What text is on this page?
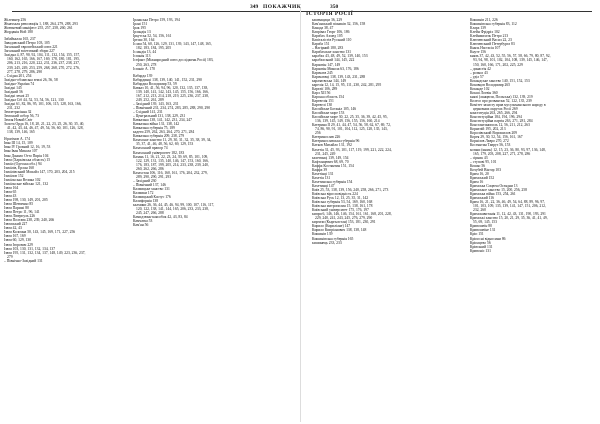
349 ПОКАЖЧИК	350
ІСТОРІЯ РОСІЇ
Жілемнер 256
Жмачхаля революціїя 1, 188, 264, 279, 288, 293
Жовтневий маніфест 255, 257, 258, 260, 261
Жорданія Ной 180
Забайкалля 165, 237
Завадовський Петро 103, 105
Загальний європейський союз 221
Загальний всіетичний збори 227
Західна 4, 87, 90, 92, 104, 111, 132, 154, 155, 157, 160, 162, 165, 166, 167, 169, 178, 180, 181, 195, 206, 213, 216, 220, 222, 231, 236, 237, 238, 237, 239, 245, 249, 253, 259, 268, 268, 270, 272, 276, 277, 278, 279, 286, 290
– Східна 201, 254
Західно-облавська землі 26, 56, 58
Західно-Україна 74
Західні 145
Західний 56
Західні землі 25
Західна Сіб 44, 52, 53, 54, 56, 121, 130
Західні 61, 82, 86, 95, 101, 106, 115, 128, 163, 166, 231, 232
Землетрясіння 32
Земський собор 56, 73
Земля Новий Світ
Золота Орда 16, 18, 20, 21, 22, 23, 25, 26, 30, 35, 40, 41, 42, 43, 44, 46, 47, 49, 54, 56, 60, 101, 126, 128, 138, 139, 146, 165
Ібрагімов А. 174
Іван ІІІ 14, 15, 109
Іван IV Грозний 12, 16, 19, 53
Іван Іван Микола 107
Іван Данило Отто Пирія 104
Ізюм (Харківська область) 15
Ізмаїл (Одеська обл.) 94
Ізмаїлів, Ерлан 160
Ізмаїлівський Михайл 147, 170, 203, 204, 215
Ізмаїлов 152
Ізмаїльська Велика 102
Ізмаїльське військо 121, 132
Ізюм 164
Ізюм 65
Ізюм 43
Ізюм 198, 130, 149, 201, 205
Ізюм Шевченко 85
Ізюм Парижі 80
Ізюм Петро 11, 96, 141
Ізюм Ліверпуль 226
Ізюм Полтава 238, 239, 240, 266
Ізюмський 227
Ізюм 42, 43
Ізюм Коломна 50, 143, 145, 169, 171, 227, 256
Ізюм 167, 169
Ізюм 60, 129, 130
Ізюм Ігорович 229
Ізюм 103, 130, 131, 132, 134, 137
Ізюм 195, 131, 132, 134, 137, 148, 149, 223, 236, 237, 279
– Північно-Західний 131
Іраньська Петро 159, 193, 194
Ірані 151
Ірак 195
Ірландія 13
Іркутськ 52, 54, 156, 161
Іртиш 30, 164
Іслам 54, 60, 126, 129, 131, 139, 143, 147, 148, 165, 182, 183, 184, 195, 205
Ісландія 13, 44
Іспанія 113
Істфакт (Міжнародний союз досліджень Росії) 183, 250, 263, 278
Іспаніє А. 170
Кабарда 139
Кабардинці 138, 139, 140, 141, 152, 231, 290
Кабардиа Володимир 53, 59
Кавказ 10, 41, 56, 94, 96, 120, 132, 135, 137, 138, 139, 140, 141, 142, 143, 145, 155, 156, 166, 166, 167, 212, 213, 214, 218, 219, 225, 236, 237, 238, 249, 252, 261, 289
– Західний 139, 143, 163, 231
– Північний 231, 234, 274, 283, 285, 288, 290, 290
– Східний 141, 231
– Центральний 131, 138, 229, 231
Кавказька 138, 141, 142, 231, 234, 247
Кавказька війна 131, 138, 142
Кавказька губернія 75, 189
кадети 259, 262, 263, 264, 270, 271, 284
Кавказька губернія 209, 238, 279
Казахське ханство 11, 29, 30, 31, 32, 35, 38, 39, 34, 35, 37, 41, 46, 48, 56, 62, 69, 129, 153
Казахський прапор 74
Казахський університет 182, 183
Казань 11, 16, 21, 22, 23, 24, 39, 69, 85, 101, 109, 122, 129, 131, 135, 140, 146, 147, 153, 160, 166, 176, 183, 187, 199, 205, 214, 233, 238, 239, 240, 260, 262, 266, 286
Казахстан 106, 116, 160, 161, 176, 204, 232, 279, 289, 290, 290, 291, 293
– Західний 230
– Північний 137, 146
Калмицьке ханство 131
Калмики 172
Калмицький Кастус 176
Калифорнія 138
калмики 26, 36, 44, 45, 46, 94, 99, 100, 107, 116, 117, 120, 122, 138, 141, 144, 165, 206, 233, 233, 238, 245, 247, 266, 288
Камидзюнь-каясобок 42, 43, 83, 84
Камчатка 53
Кам'ян 56
каменщици 36, 229
Кам'янський пісників 32, 156, 158
Канада 38, 47
Капрівал Георг 106, 186
Карабах Ахмед 105
Капіталістів Руський 110
Караба 151
– Нагірний 180, 283
Карабахське ханство 131
карабах 43, 48, 49, 52, 139, 140, 153
карабахський 144, 145, 222
Карамзін 147, 149
Карамзін Микола 63, 176, 186
Карачаєв 245
Карачаєвці 138, 139, 143, 231, 288
карачаєвська 144, 149
карелія 12, 14, 15, 95, 111, 230, 242, 281, 295
Карелії 106, 289
Карл XII 56
Карська область 154
Картвелія 151
Картвелі 130
Каспійське Ботаніл 105, 146
Каспійське море 153
Каспійське море 30, 22, 25, 35, 36, 39, 42, 45, 95, 136, 139, 145, 149, 156, 155, 156, 160, 214
Катерина II 29, 41, 44, 47, 54, 56, 58, 62, 67, 69, 72, 74, 86, 90, 91, 101, 104, 112, 125, 128, 135, 143, 256
Катеринослав 226
Катеринославська губернія 96
Катков Михайло 131, 192
Кахетія 31, 45, 93, 101, 117, 119, 199, 221, 222, 224, 231, 245, 249
кахетинці 139, 149, 154
Кафтанцевич 68, 69, 70
Каффа Костянтин 151, 154
Каффа 39
Кахетінці 131
Кахетія 131
Кахетинська губернія 154
Кахетинці 147
Київ 25, 53, 138, 139, 156, 240, 258, 266, 271, 273
Київська віросповідність 224
Київська Русь 12, 13, 25, 35, 31, 142
Київська губернія 53, 54, 169, 160, 168
Київська митрополия 15, 138, 161, 178
Київський університет 175, 176, 197
кипри 6, 146, 146, 146, 154, 161, 161, 168, 201, 228, 229, 240, 241, 243, 245, 276, 279, 290
киргизи (Кыргызстан) 153, 181, 230, 291
Кирило (Кириліане) 147
Кирило Кипріанович 138, 138, 148
Кишинів 139
Кишинівська губернія 165
кишинець 233, 233
Кишинів 211, 226
Кишинівська губернія 83, 112
Клара 139
Клейн Фрідріх 102
Клейнмихель Петро 213
Ключевський Васил 22, 23
Ключевський Петербурга 83
Князь Настасія 107
Кнуте 156
князь 37, 42, 43, 52, 55, 56, 57, 58, 66, 79, 80, 87, 92, 93, 94, 98, 101, 102, 104, 108, 139, 145, 146, 147, 150, 160, 166, 171, 202, 225, 229
– династія 42
– розкол 43
– уділ 57
Кокандське ханство 140, 151, 152, 153
Коковцов Володимир 265
Коканде 102
Кокші Логвін 360
князі (ланцюзи, Польська) 132, 139, 219
Колесо про розвантаж 52, 122, 135, 239
Комітет захисту прав мусульманського народу в церковних округах Росії 269
конституція 263, 265, 266, 294
Конституційна 184, 194, 196, 294
Конституційна партія 263, 271, 281, 284
Константинополь 12, 56, 211, 212, 263
Корнелій 195, 202, 213
Королівський Ворошилов 209
Корея 29, 30, 52, 54, 156, 161, 167
Корнілов Лавро 270, 272
Костянтин Таврує 56, 153
козаки (князь) 12, 15, 23, 36, 80, 93, 97, 136, 148, 165, 179, 203, 208, 227, 271, 278, 286
– сірник 43
– ступові 95, 101
Кошко 56
Кочубей Віктор 103
Крим 16, 20
Кримський 152
Крим 16
Кримська Соцюча Оглядни 13
Кримськое ханство 15, 200, 256, 258
Кримська війна 153, 254, 261
Кримський 116
Крим 16, 21, 22, 36, 46, 49, 54, 64, 88, 89, 96, 97, 101, 103, 109, 135, 139, 141, 147, 151, 206, 212, 232, 260
Кримскавитанія 11, 12, 42, 43, 131, 190, 193, 291
Кримські ханство 15, 20, 21, 29, 35, 36, 41, 41, 49, 55, 69, 145, 153
Кривошеїн 80
Кривошеїне 131
Кріп 151
Кріпосні відносини 86
Кріпацтво 56
Крівський 131
Кривоніс 131
